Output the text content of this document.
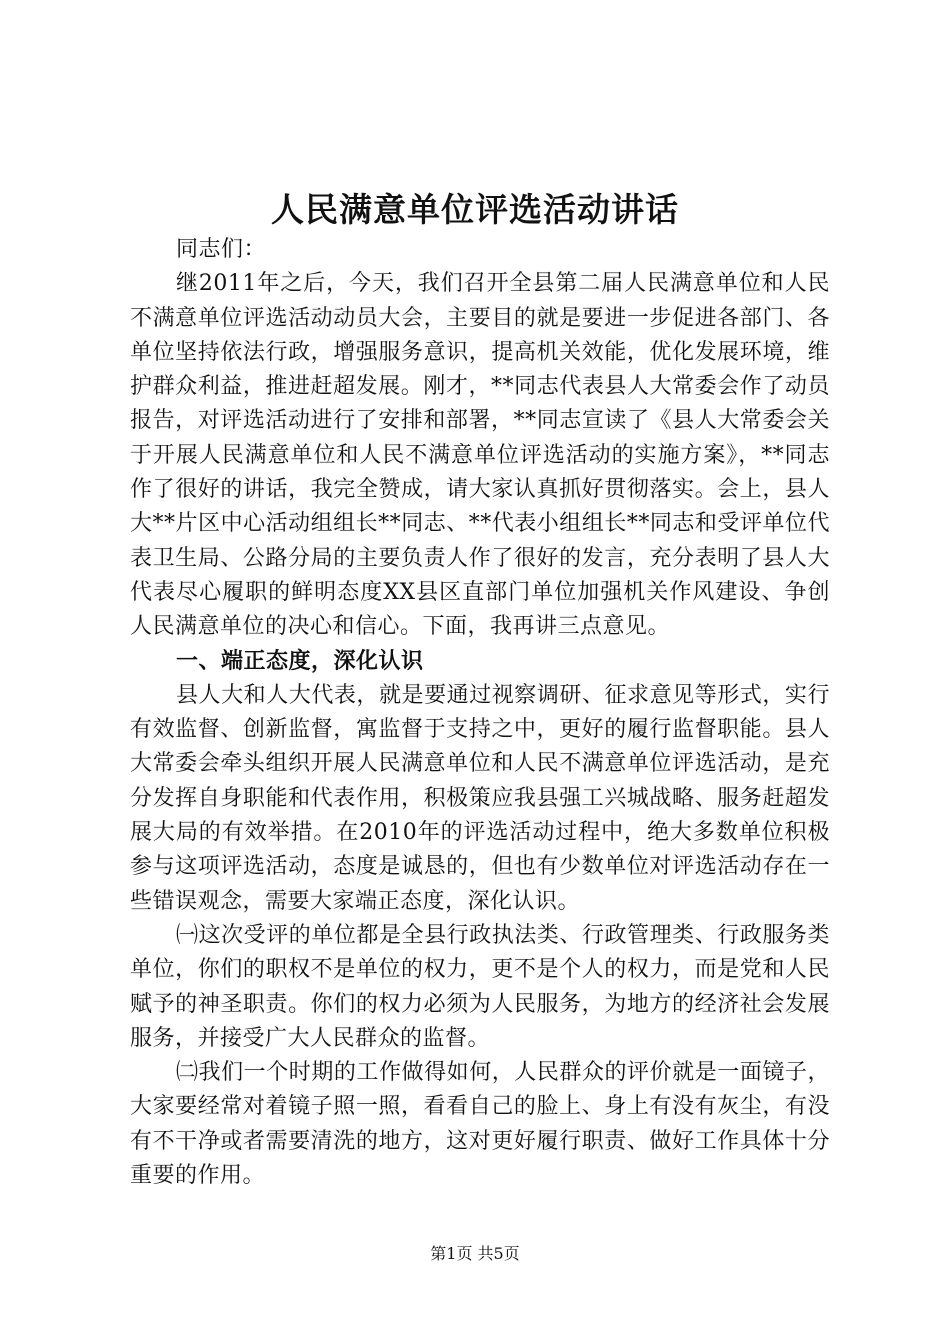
人民满意单位评选活动讲话

同志们：

继2011年之后，今天，我们召开全县第二届人民满意单位和人民不满意单位评选活动动员大会，主要目的就是要进一步促进各部门、各单位坚持依法行政，增强服务意识，提高机关效能，优化发展环境，维护群众利益，推进赶超发展。刚才，**同志代表县人大常委会作了动员报告，对评选活动进行了安排和部署，**同志宣读了《县人大常委会关于开展人民满意单位和人民不满意单位评选活动的实施方案》，**同志作了很好的讲话，我完全赞成，请大家认真抓好贯彻落实。会上，县人大**片区中心活动组组长**同志、**代表小组组长**同志和受评单位代表卫生局、公路分局的主要负责人作了很好的发言，充分表明了县人大代表尽心履职的鲜明态度XX县区直部门单位加强机关作风建设、争创人民满意单位的决心和信心。下面，我再讲三点意见。

一、端正态度，深化认识

县人大和人大代表，就是要通过视察调研、征求意见等形式，实行有效监督、创新监督，寓监督于支持之中，更好的履行监督职能。县人大常委会牵头组织开展人民满意单位和人民不满意单位评选活动，是充分发挥自身职能和代表作用，积极策应我县强工兴城战略、服务赶超发展大局的有效举措。在2010年的评选活动过程中，绝大多数单位积极参与这项评选活动，态度是诚恳的，但也有少数单位对评选活动存在一些错误观念，需要大家端正态度，深化认识。

㈠这次受评的单位都是全县行政执法类、行政管理类、行政服务类单位，你们的职权不是单位的权力，更不是个人的权力，而是党和人民赋予的神圣职责。你们的权力必须为人民服务，为地方的经济社会发展服务，并接受广大人民群众的监督。

㈡我们一个时期的工作做得如何，人民群众的评价就是一面镜子，大家要经常对着镜子照一照，看看自己的脸上、身上有没有灰尘，有没有不干净或者需要清洗的地方，这对更好履行职责、做好工作具体十分重要的作用。

第1页 共5页
